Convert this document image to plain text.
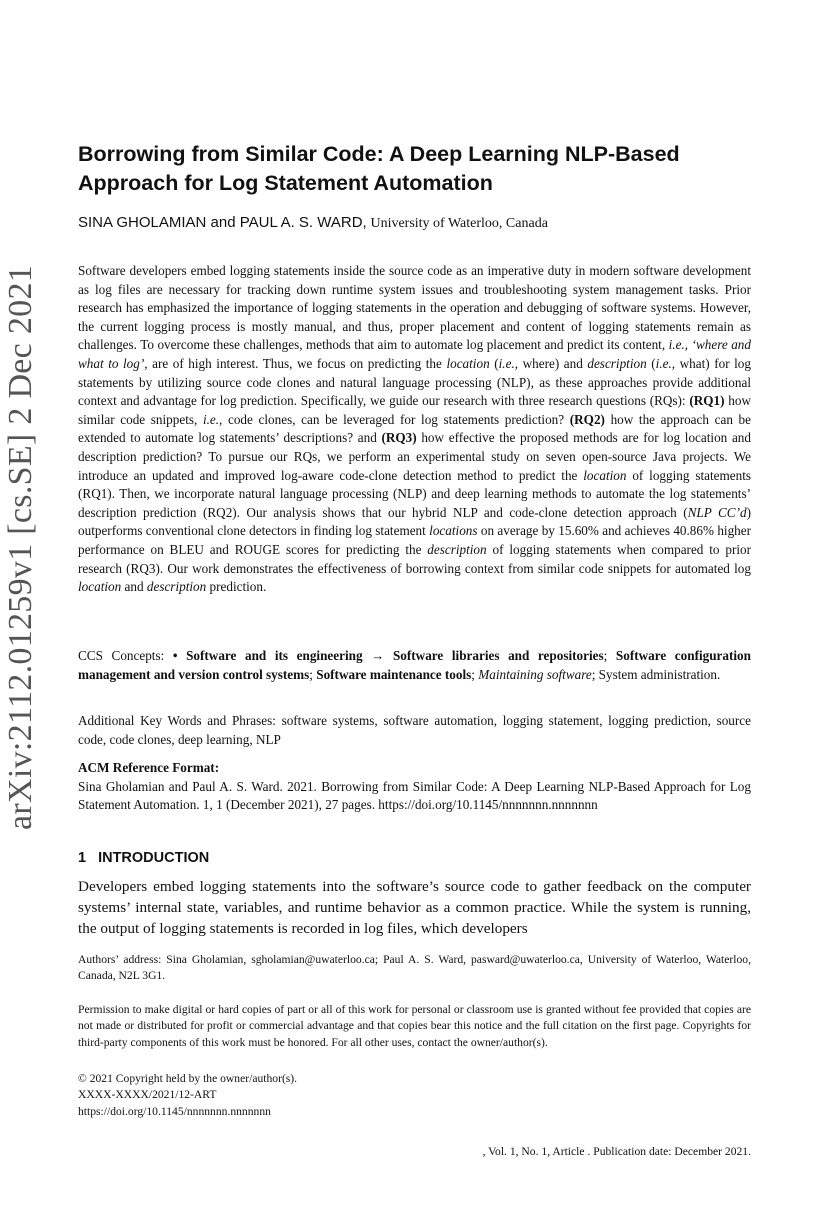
arXiv:2112.01259v1 [cs.SE] 2 Dec 2021
Borrowing from Similar Code: A Deep Learning NLP-Based
Approach for Log Statement Automation
SINA GHOLAMIAN and PAUL A. S. WARD, University of Waterloo, Canada

Software developers embed logging statements inside the source code as an imperative duty in modern software development as log files are necessary for tracking down runtime system issues and troubleshooting system management tasks. Prior research has emphasized the importance of logging statements in the operation and debugging of software systems. However, the current logging process is mostly manual, and thus, proper placement and content of logging statements remain as challenges. To overcome these challenges, methods that aim to automate log placement and predict its content, i.e., ‘where and what to log’, are of high interest. Thus, we focus on predicting the location (i.e., where) and description (i.e., what) for log statements by utilizing source code clones and natural language processing (NLP), as these approaches provide additional context and advantage for log prediction. Specifically, we guide our research with three research questions (RQs): (RQ1) how similar code snippets, i.e., code clones, can be leveraged for log statements prediction? (RQ2) how the approach can be extended to automate log statements’ descriptions? and (RQ3) how effective the proposed methods are for log location and description prediction? To pursue our RQs, we perform an experimental study on seven open-source Java projects. We introduce an updated and improved log-aware code-clone detection method to predict the location of logging statements (RQ1). Then, we incorporate natural language processing (NLP) and deep learning methods to automate the log statements’ description prediction (RQ2). Our analysis shows that our hybrid NLP and code-clone detection approach (NLP CC’d) outperforms conventional clone detectors in finding log statement locations on average by 15.60% and achieves 40.86% higher performance on BLEU and ROUGE scores for predicting the description of logging statements when compared to prior research (RQ3). Our work demonstrates the effectiveness of borrowing context from similar code snippets for automated log location and description prediction.

CCS Concepts: • Software and its engineering → Software libraries and repositories; Software configuration management and version control systems; Software maintenance tools; Maintaining software; System administration.
Additional Key Words and Phrases: software systems, software automation, logging statement, logging prediction, source code, code clones, deep learning, NLP
ACM Reference Format:
Sina Gholamian and Paul A. S. Ward. 2021. Borrowing from Similar Code: A Deep Learning NLP-Based Approach for Log Statement Automation. 1, 1 (December 2021), 27 pages. https://doi.org/10.1145/nnnnnnn.nnnnnnn
1 INTRODUCTION
Developers embed logging statements into the software’s source code to gather feedback on the computer systems’ internal state, variables, and runtime behavior as a common practice. While the system is running, the output of logging statements is recorded in log files, which developers
Authors’ address: Sina Gholamian, sgholamian@uwaterloo.ca; Paul A. S. Ward, pasward@uwaterloo.ca, University of Waterloo, Waterloo, Canada, N2L 3G1.
Permission to make digital or hard copies of part or all of this work for personal or classroom use is granted without fee provided that copies are not made or distributed for profit or commercial advantage and that copies bear this notice and the full citation on the first page. Copyrights for third-party components of this work must be honored. For all other uses, contact the owner/author(s).
© 2021 Copyright held by the owner/author(s).
XXXX-XXXX/2021/12-ART
https://doi.org/10.1145/nnnnnnn.nnnnnnn
, Vol. 1, No. 1, Article . Publication date: December 2021.
